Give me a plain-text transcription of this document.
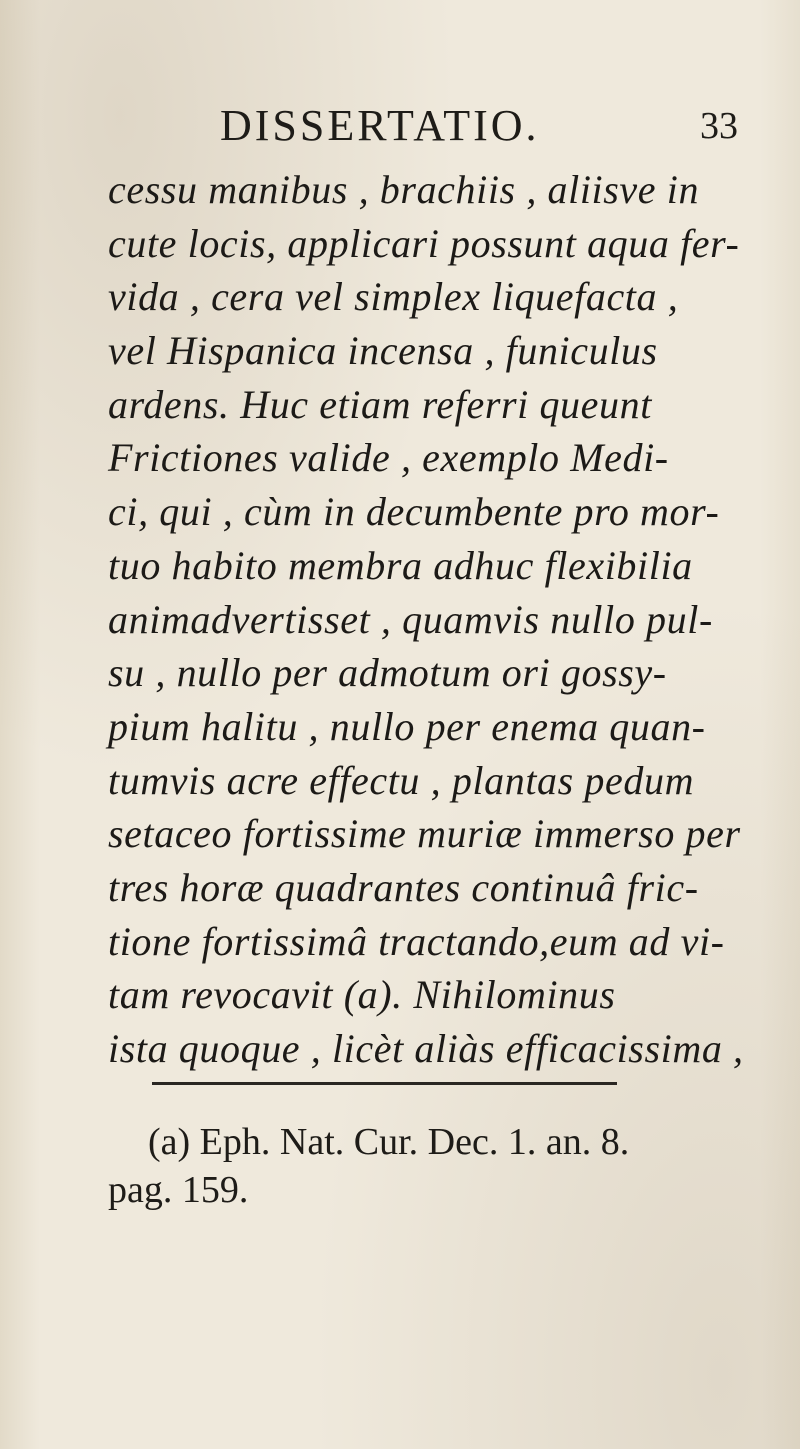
DISSERTATIO.	33
cessu manibus , brachiis , aliisve in
cute locis, applicari possunt aqua fer-
vida , cera vel simplex liquefacta ,
vel Hispanica incensa , funiculus
ardens. Huc etiam referri queunt
Frictiones valide , exemplo Medi-
ci, qui , cùm in decumbente pro mor-
tuo habito membra adhuc flexibilia
animadvertisset , quamvis nullo pul-
su , nullo per admotum ori gossy-
pium halitu , nullo per enema quan-
tumvis acre effectu , plantas pedum
setaceo fortissime muriæ immerso per
tres horæ quadrantes continuâ fric-
tione fortissimâ tractando,eum ad vi-
tam revocavit (a). Nihilominus
ista quoque , licèt aliàs efficacissima ,
(a) Eph. Nat. Cur. Dec. 1. an. 8.
pag. 159.
